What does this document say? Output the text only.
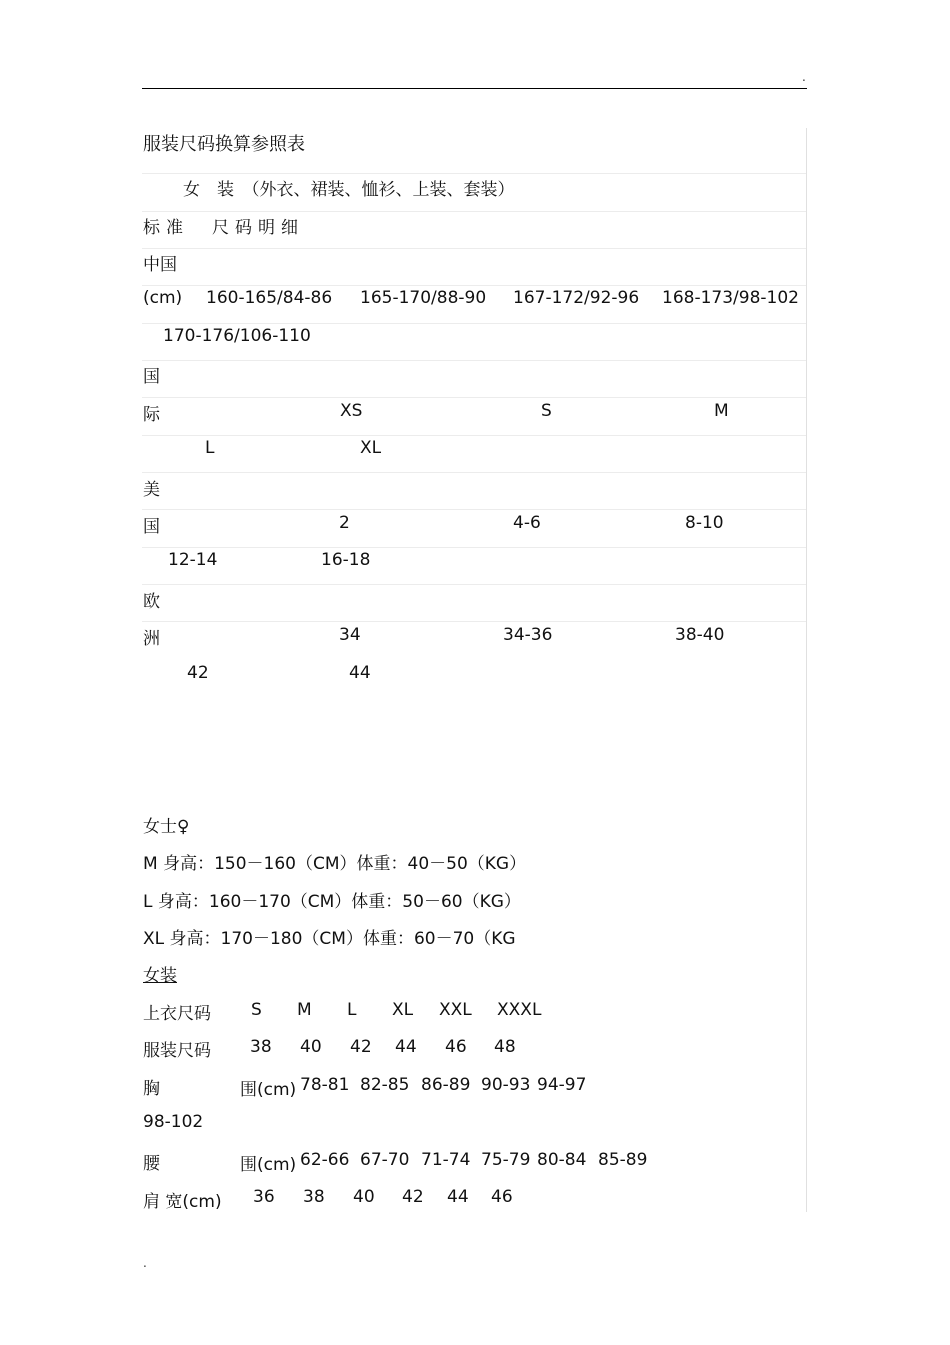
.
服装尺码换算参照表
女　装　（外衣、裙装、恤衫、上装、套装）
标准　尺码明细
中国
(cm) 160-165/84-86 165-170/88-90 167-172/92-96 168-173/98-102
170-176/106-110
国
际	XS	S	M
L	XL
美
国	2	4-6	8-10
12-14	16-18
欧
洲	34	34-36	38-40
42	44
女士♀
M 身高：150－160（CM）体重：40－50（KG）
L 身高：160－170（CM）体重：50－60（KG）
XL 身高：170－180（CM）体重：60－70（KG
女装
上衣尺码 S M L XL XXL XXXL
服装尺码 38 40 42 44 46 48
胸	围(cm) 78-81 82-85 86-89 90-93 94-97
98-102
腰	围(cm) 62-66 67-70 71-74 75-79 80-84 85-89
肩 宽(cm) 36 38 40 42 44 46
.
